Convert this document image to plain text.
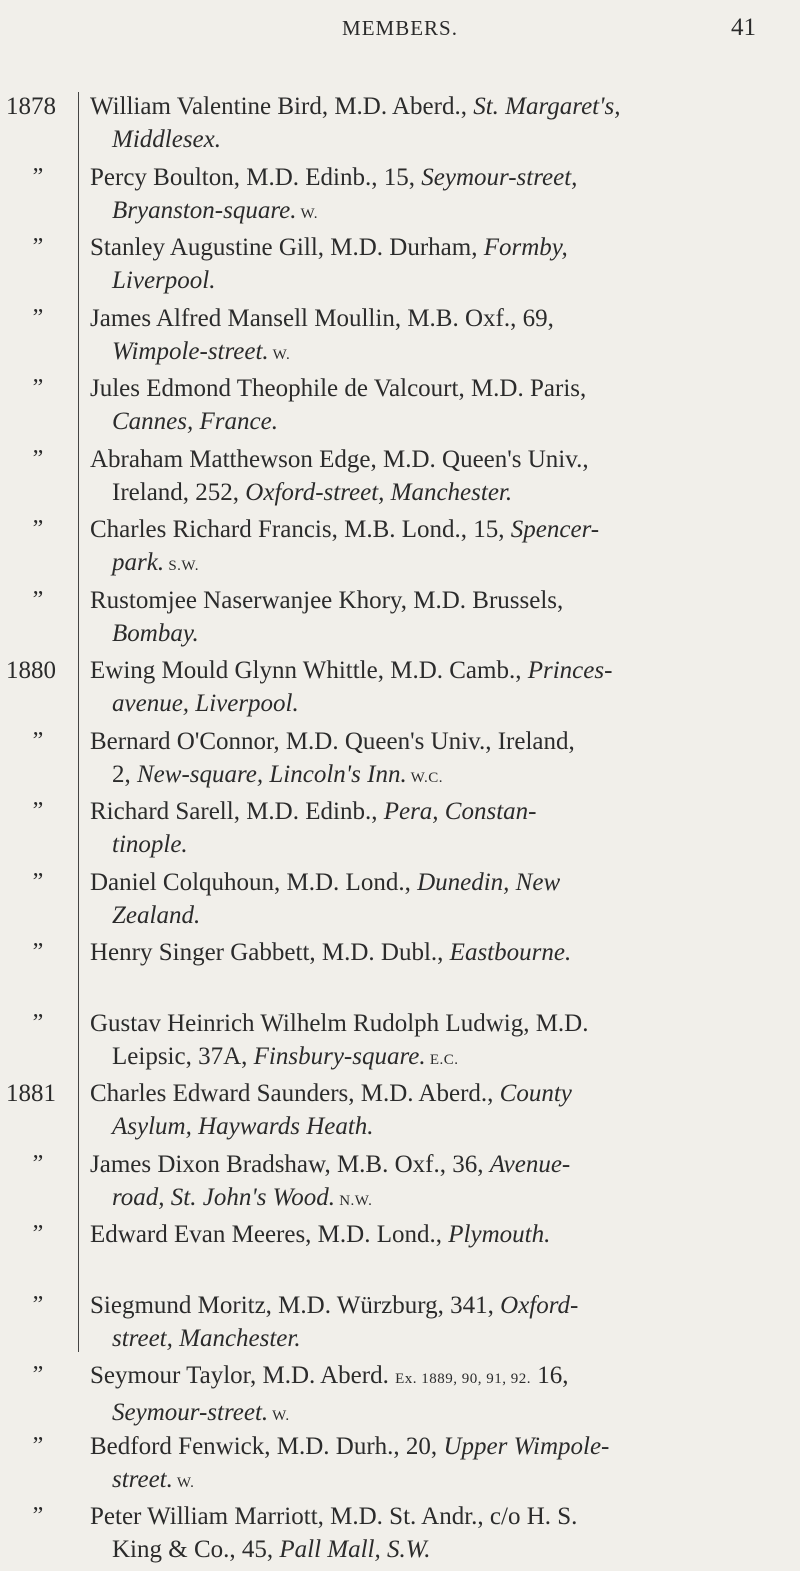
MEMBERS.	41
1878	William Valentine Bird, M.D. Aberd., St. Margaret's,
Middlesex.
”	Percy Boulton, M.D. Edinb., 15, Seymour-street,
Bryanston-square. W.
”	Stanley Augustine Gill, M.D. Durham, Formby,
Liverpool.
”	James Alfred Mansell Moullin, M.B. Oxf., 69,
Wimpole-street. W.
”	Jules Edmond Theophile de Valcourt, M.D. Paris,
Cannes, France.
”	Abraham Matthewson Edge, M.D. Queen's Univ.,
Ireland, 252, Oxford-street, Manchester.
”	Charles Richard Francis, M.B. Lond., 15, Spencer-
park. S.W.
”	Rustomjee Naserwanjee Khory, M.D. Brussels,
Bombay.
1880	Ewing Mould Glynn Whittle, M.D. Camb., Princes-
avenue, Liverpool.
”	Bernard O'Connor, M.D. Queen's Univ., Ireland,
2, New-square, Lincoln's Inn. W.C.
”	Richard Sarell, M.D. Edinb., Pera, Constan-
tinople.
”	Daniel Colquhoun, M.D. Lond., Dunedin, New
Zealand.
”	Henry Singer Gabbett, M.D. Dubl., Eastbourne.
”	Gustav Heinrich Wilhelm Rudolph Ludwig, M.D.
Leipsic, 37A, Finsbury-square. E.C.
1881	Charles Edward Saunders, M.D. Aberd., County
Asylum, Haywards Heath.
”	James Dixon Bradshaw, M.B. Oxf., 36, Avenue-
road, St. John's Wood. N.W.
”	Edward Evan Meeres, M.D. Lond., Plymouth.
”	Siegmund Moritz, M.D. Würzburg, 341, Oxford-
street, Manchester.
”	Seymour Taylor, M.D. Aberd. Ex. 1889, 90, 91, 92. 16,
Seymour-street. W.
”	Bedford Fenwick, M.D. Durh., 20, Upper Wimpole-
street. W.
”	Peter William Marriott, M.D. St. Andr., c/o H. S.
King & Co., 45, Pall Mall, S.W.
